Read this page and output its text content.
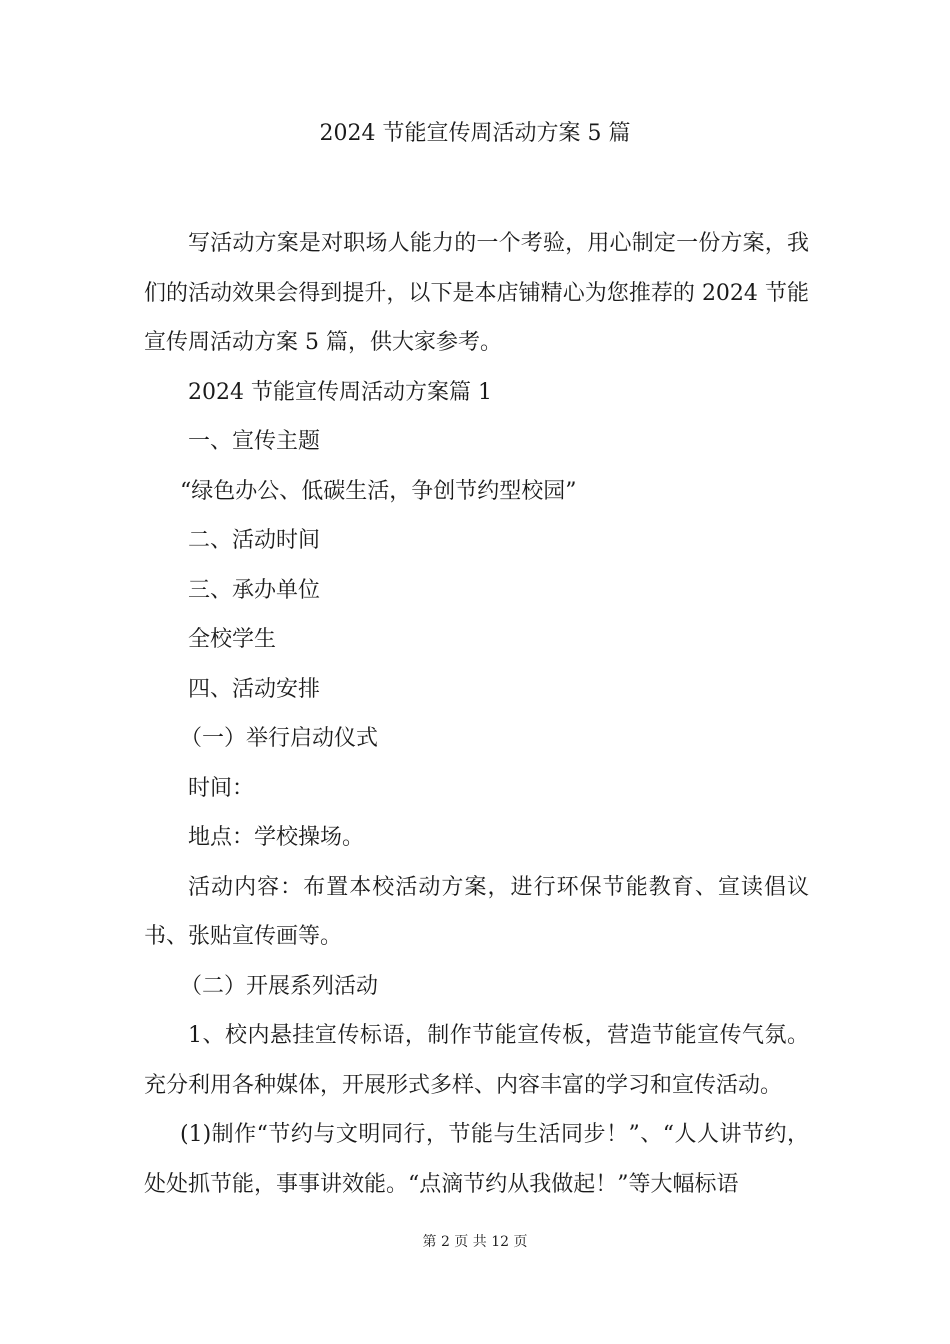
2024 节能宣传周活动方案 5 篇

写活动方案是对职场人能力的一个考验，用心制定一份方案，我们的活动效果会得到提升，以下是本店铺精心为您推荐的 2024 节能宣传周活动方案 5 篇，供大家参考。

2024 节能宣传周活动方案篇 1

一、宣传主题

“绿色办公、低碳生活，争创节约型校园”

二、活动时间

三、承办单位

全校学生

四、活动安排

（一）举行启动仪式

时间：

地点：学校操场。

活动内容：布置本校活动方案，进行环保节能教育、宣读倡议书、张贴宣传画等。

（二）开展系列活动

1、校内悬挂宣传标语，制作节能宣传板，营造节能宣传气氛。充分利用各种媒体，开展形式多样、内容丰富的学习和宣传活动。

(1)制作“节约与文明同行，节能与生活同步！”、“人人讲节约，处处抓节能，事事讲效能。“点滴节约从我做起！”等大幅标语

第 2 页 共 12 页
